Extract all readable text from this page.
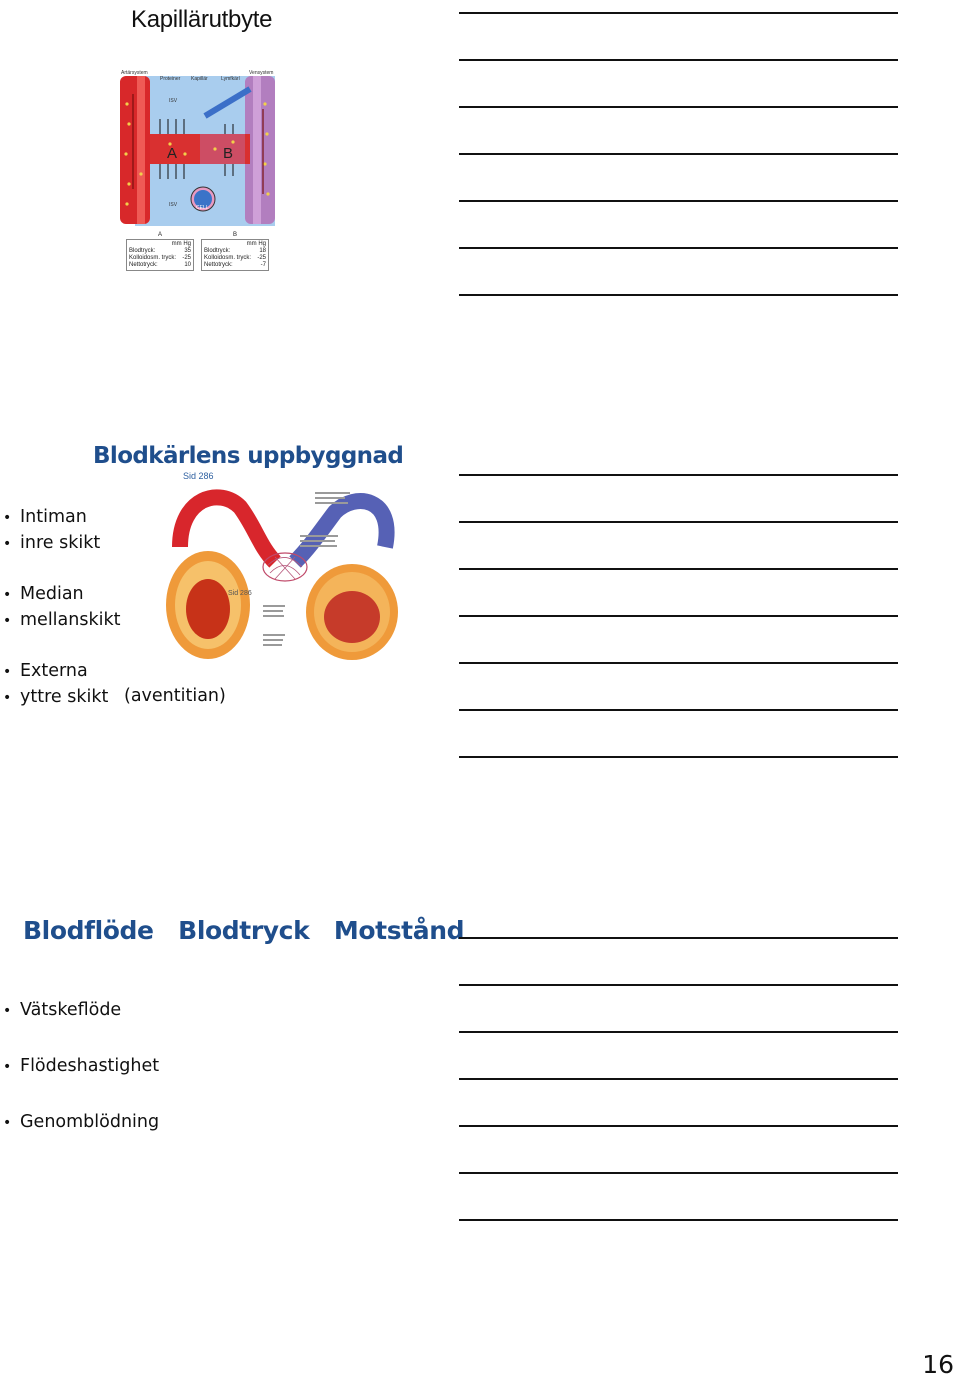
Kapillärutbyte
CELL
Artärsystem
Proteiner Kapillär	Lymfkärl
Vensystem
ISV
ISV
A	B
A
mm Hg
Blodtryck:	35
Kolloidosm. tryck: -25
Nettotryck:	10
B
mm Hg
Blodtryck:	18
Kolloidosm. tryck: -25
Nettotryck:	-7
Blodkärlens uppbyggnad
Sid 286
Sid 286
• Intiman
• inre skikt
• Median
• mellanskikt
• Externa
• yttre skikt (aventitian)
Blodflöde  Blodtryck  Motstånd
• Vätskeflöde
• Flödeshastighet
• Genomblödning
16
